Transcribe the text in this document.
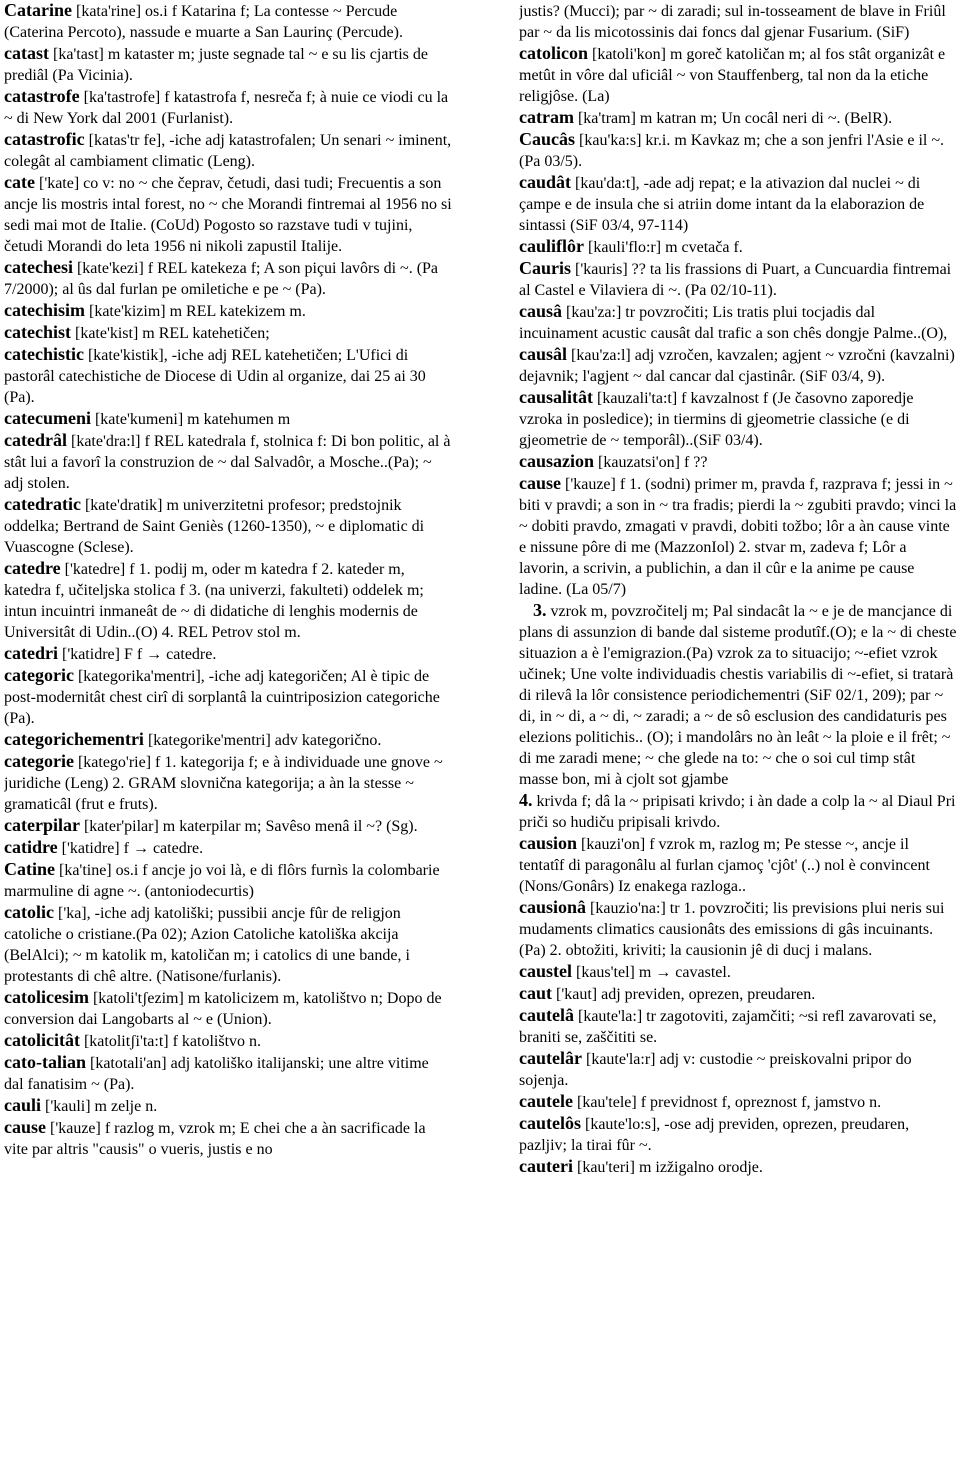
Catarine [kata'rine] os.i f Katarina f; La contesse ~ Percude (Caterina Percoto), nassude e muarte a San Laurinç (Percude).

catast [ka'tast] m kataster m; juste segnade tal ~ e su lis cjartis de prediâl (Pa Vicinia).

catastrofe [ka'tastrofe] f katastrofa f, nesreča f; à nuie ce viodi cu la ~ di New York dal 2001 (Furlanist).

catastrofic [katas'tr fe], -iche adj katastrofalen; Un senari ~ iminent, colegât al cambiament climatic (Leng).

cate ['kate] co v: no ~ che čeprav, četudi, dasi tudi; Frecuentis a son ancje lis mostris intal forest, no ~ che Morandi fintremai al 1956 no si sedi mai mot de Italie. (CoUd) Pogosto so razstave tudi v tujini, četudi Morandi do leta 1956 ni nikoli zapustil Italije.

catechesi [kate'kezi] f REL katekeza f; A son piçui lavôrs di ~. (Pa 7/2000); al ûs dal furlan pe omiletiche e pe ~ (Pa).

catechisim [kate'kizim] m REL katekizem m.

catechist [kate'kist] m REL katehetičen;

catechistic [kate'kistik], -iche adj REL katehetičen; L'Ufici di pastorâl catechistiche de Diocese di Udin al organize, dai 25 ai 30 (Pa).

catecumeni [kate'kumeni] m katehumen m

catedrâl [kate'dra:l] f REL katedrala f, stolnica f: Di bon politic, al à stât lui a favorî la construzion de ~ dal Salvadôr, a Mosche..(Pa); ~ adj stolen.

catedratic [kate'dratik] m univerzitetni profesor; predstojnik oddelka; Bertrand de Saint Geniès (1260-1350), ~ e diplomatic di Vuascogne (Sclese).

catedre ['katedre] f 1. podij m, oder m katedra f 2. kateder m, katedra f, učiteljska stolica f 3. (na univerzi, fakulteti) oddelek m; intun incuintri inmaneât de ~ di didatiche di lenghis modernis de Universitât di Udin..(O) 4. REL Petrov stol m.

catedri ['katidre] F f → catedre.

categoric [kategorika'mentri], -iche adj kategoričen; Al è tipic de post-modernitât chest cirî di sorplantâ la cuintriposizion categoriche (Pa).

categorichementri [kategorike'mentri] adv kategorično.

categorie [katego'rie] f 1. kategorija f; e à individuade une gnove ~ juridiche (Leng) 2. GRAM slovnična kategorija; a àn la stesse ~ gramaticâl (frut e fruts).

caterpilar [kater'pilar] m katerpilar m; Savêso menâ il ~? (Sg).

catidre ['katidre] f → catedre.

Catine [ka'tine] os.i f ancje jo voi là, e di flôrs furnìs la colombarie marmuline di agne ~. (antoniodecurtis)

catolic ['ka], -iche adj katoliški; pussibii ancje fûr de religjon catoliche o cristiane.(Pa 02); Azion Catoliche katoliška akcija (BelAlci); ~ m katolik m, katoličan m; i catolics di une bande, i protestants di chê altre. (Natisone/furlanis).

catolicesim [katoli'tʃezim] m katolicizem m, katolištvo n; Dopo de conversion dai Langobarts al ~ e (Union).

catolicitât [katolitʃi'ta:t] f katolištvo n.

cato-talian [katotali'an] adj katoliško italijanski; une altre vitime dal fanatisim ~ (Pa).

cauli ['kauli] m zelje n.

cause ['kauze] f razlog m, vzrok m; E chei che a àn sacrificade la vite par altris "causis" o vueris, justis e no

justis? (Mucci); par ~ di zaradi; sul in-tosseament de blave in Friûl par ~ da lis micotossinis dai foncs dal gjenar Fusarium. (SiF)

catolicon [katoli'kon] m goreč katoličan m; al fos stât organizât e metût in vôre dal uficiâl ~ von Stauffenberg, tal non da la etiche religjôse. (La)

catram [ka'tram] m katran m; Un cocâl neri di ~. (BelR).

Caucâs [kau'ka:s] kr.i. m Kavkaz m; che a son jenfri l'Asie e il ~. (Pa 03/5).

caudât [kau'da:t], -ade adj repat; e la ativazion dal nuclei ~ di çampe e de insula che si atriin dome intant da la elaborazion de sintassi (SiF 03/4, 97-114)

cauliflôr [kauli'flo:r] m cvetača f.

Cauris ['kauris] ?? ta lis frassions di Puart, a Cuncuardia fintremai al Castel e Vilaviera di ~. (Pa 02/10-11).

causâ [kau'za:] tr povzročiti; Lis tratis plui tocjadis dal incuinament acustic causât dal trafic a son chês dongje Palme..(O),

causâl [kau'za:l] adj vzročen, kavzalen; agjent ~ vzročni (kavzalni) dejavnik; l'agjent ~ dal cancar dal cjastinâr. (SiF 03/4, 9).

causalitât [kauzali'ta:t] f kavzalnost f (Je časovno zaporedje vzroka in posledice); in tiermins di gjeometrie classiche (e di gjeometrie de ~ temporâl)..(SiF 03/4).

causazion [kauzatsi'on] f ??

cause ['kauze] f 1. (sodni) primer m, pravda f, razprava f; jessi in ~ biti v pravdi; a son in ~ tra fradis; pierdi la ~ zgubiti pravdo; vinci la ~ dobiti pravdo, zmagati v pravdi, dobiti tožbo; lôr a àn cause vinte e nissune pôre di me (MazzonIol) 2. stvar m, zadeva f; Lôr a lavorin, a scrivin, a publichin, a dan il cûr e la anime pe cause ladine. (La 05/7)

3. vzrok m, povzročitelj m; Pal sindacât la ~ e je de mancjance di plans di assunzion di bande dal sisteme produtîf.(O); e la ~ di cheste situazion a è l'emigrazion.(Pa) vzrok za to situacijo; ~-efiet vzrok učinek; Une volte individuadis chestis variabilis di ~-efiet, si tratarà di rilevâ la lôr consistence periodichementri (SiF 02/1, 209); par ~ di, in ~ di, a ~ di, ~ zaradi; a ~ de sô esclusion des candidaturis pes elezions politichis.. (O); i mandolârs no àn leât ~ la ploie e il frêt; ~ di me zaradi mene; ~ che glede na to: ~ che o soi cul timp stât masse bon, mi à cjolt sot gjambe

4. krivda f; dâ la ~ pripisati krivdo; i àn dade a colp la ~ al Diaul Pri priči so hudiču pripisali krivdo.

causion [kauzi'on] f vzrok m, razlog m; Pe stesse ~, ancje il tentatîf di paragonâlu al furlan cjamoç 'cjôt' (..) nol è convincent (Nons/Gonârs) Iz enakega razloga..

causionâ [kauzio'na:] tr 1. povzročiti; lis previsions plui neris sui mudaments climatics causionâts des emissions di gâs incuinants.(Pa) 2. obtožiti, kriviti; la causionin jê di ducj i malans.

caustel [kaus'tel] m → cavastel.

caut ['kaut] adj previden, oprezen, preudaren.

cautelâ [kaute'la:] tr zagotoviti, zajamčiti; ~si refl zavarovati se, braniti se, zaščititi se.

cautelâr [kaute'la:r] adj v: custodie ~ preiskovalni pripor do sojenja.

cautele [kau'tele] f previdnost f, opreznost f, jamstvo n.

cautelôs [kaute'lo:s], -ose adj previden, oprezen, preudaren, pazljiv; la tirai fûr ~.

cauteri [kau'teri] m izžigalno orodje.
